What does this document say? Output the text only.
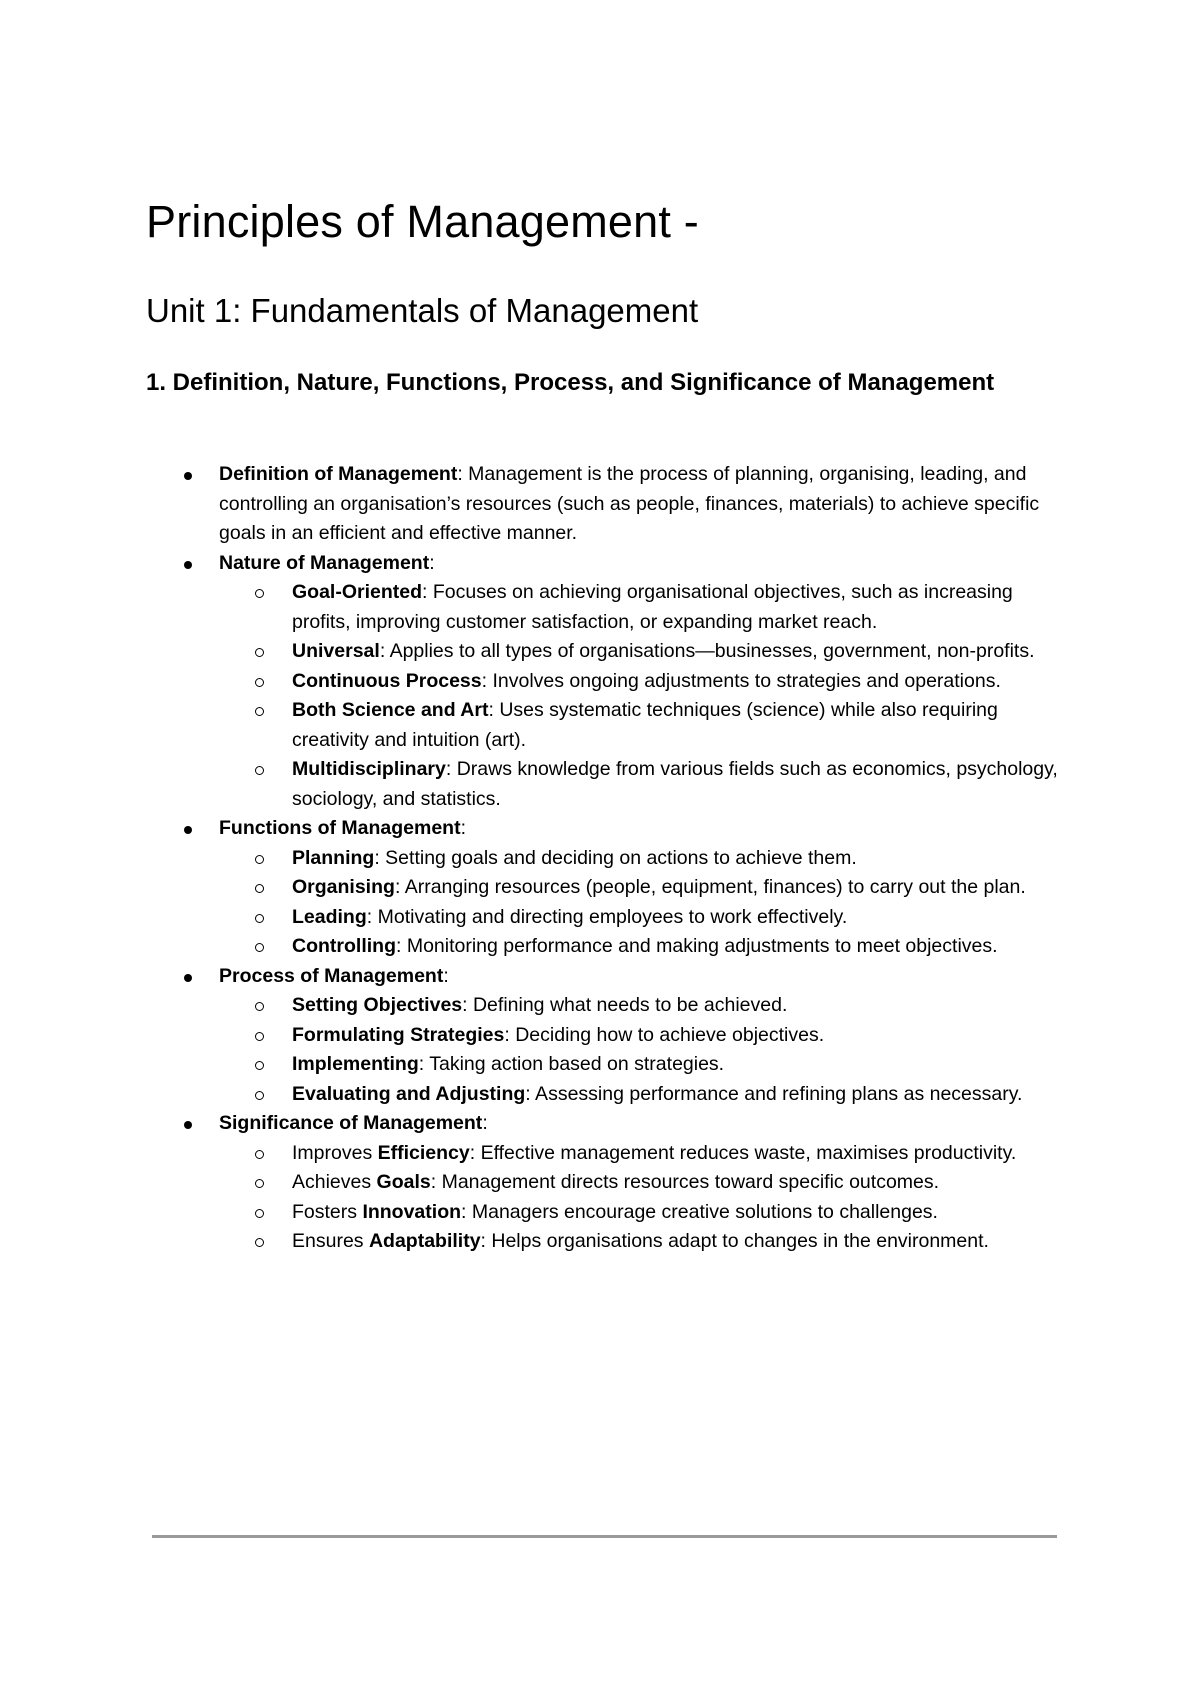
Principles of Management -
Unit 1: Fundamentals of Management
1. Definition, Nature, Functions, Process, and Significance of Management
Definition of Management: Management is the process of planning, organising, leading, and controlling an organisation’s resources (such as people, finances, materials) to achieve specific goals in an efficient and effective manner.
Nature of Management:
Goal-Oriented: Focuses on achieving organisational objectives, such as increasing profits, improving customer satisfaction, or expanding market reach.
Universal: Applies to all types of organisations—businesses, government, non-profits.
Continuous Process: Involves ongoing adjustments to strategies and operations.
Both Science and Art: Uses systematic techniques (science) while also requiring creativity and intuition (art).
Multidisciplinary: Draws knowledge from various fields such as economics, psychology, sociology, and statistics.
Functions of Management:
Planning: Setting goals and deciding on actions to achieve them.
Organising: Arranging resources (people, equipment, finances) to carry out the plan.
Leading: Motivating and directing employees to work effectively.
Controlling: Monitoring performance and making adjustments to meet objectives.
Process of Management:
Setting Objectives: Defining what needs to be achieved.
Formulating Strategies: Deciding how to achieve objectives.
Implementing: Taking action based on strategies.
Evaluating and Adjusting: Assessing performance and refining plans as necessary.
Significance of Management:
Improves Efficiency: Effective management reduces waste, maximises productivity.
Achieves Goals: Management directs resources toward specific outcomes.
Fosters Innovation: Managers encourage creative solutions to challenges.
Ensures Adaptability: Helps organisations adapt to changes in the environment.
